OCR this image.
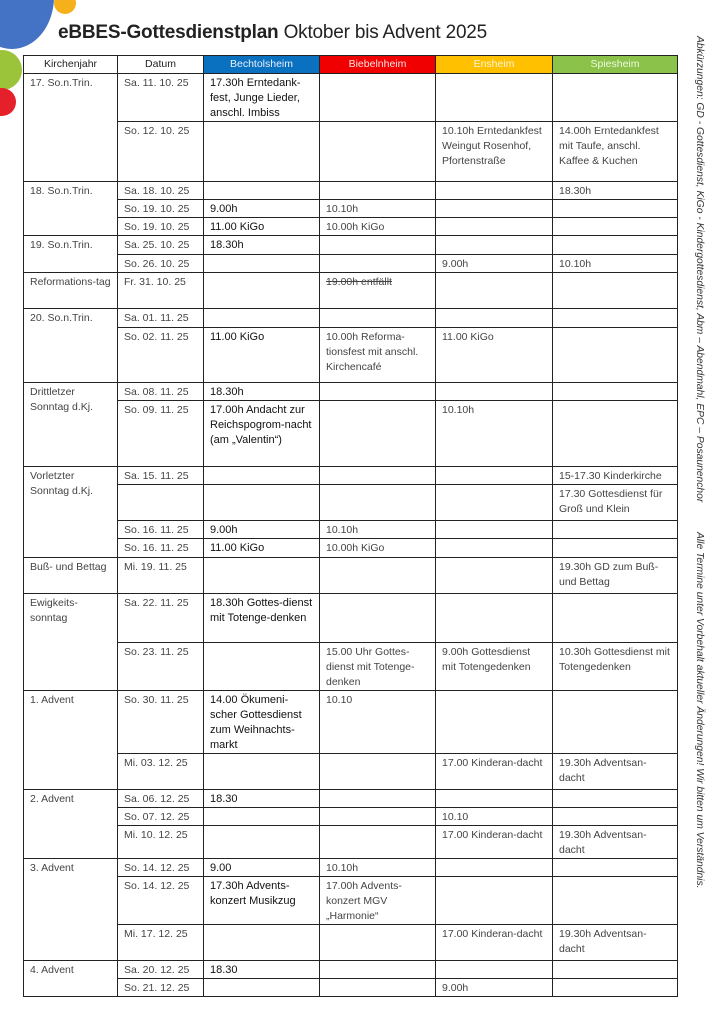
eBBES-Gottesdienstplan Oktober bis Advent 2025
Kirchenjahr	Datum	Bechtolsheim	Biebelnheim	Ensheim	Spiesheim
17. So.n.Trin.	Sa. 11. 10. 25	17.30h Erntedank-fest, Junge Lieder, anschl. Imbiss			
	So. 12. 10. 25			10.10h Erntedankfest Weingut Rosenhof, Pfortenstraße	14.00h Erntedankfest mit Taufe, anschl. Kaffee & Kuchen
18. So.n.Trin.	Sa. 18. 10. 25				18.30h
	So. 19. 10. 25	9.00h	10.10h		
	So. 19. 10. 25	11.00 KiGo	10.00h KiGo		
19. So.n.Trin.	Sa. 25. 10. 25	18.30h			
	So. 26. 10. 25			9.00h	10.10h
Reformations-tag	Fr. 31. 10. 25		19.00h entfällt		
20. So.n.Trin.	Sa. 01. 11. 25				
	So. 02. 11. 25	11.00 KiGo	10.00h Reforma-tionsfest mit anschl. Kirchencafé	11.00 KiGo	
Drittletzer Sonntag d.Kj.	Sa. 08. 11. 25	18.30h			
	So. 09. 11. 25	17.00h Andacht zur Reichspogrom-nacht (am „Valentin“)		10.10h	
Vorletzter Sonntag d.Kj.	Sa. 15. 11. 25				15-17.30 Kinderkirche
					17.30 Gottesdienst für Groß und Klein
	So. 16. 11. 25	9.00h	10.10h		
	So. 16. 11. 25	11.00 KiGo	10.00h KiGo		
Buß- und Bettag	Mi. 19. 11. 25				19.30h GD zum Buß- und Bettag
Ewigkeits-sonntag	Sa. 22. 11. 25	18.30h Gottes-dienst mit Totenge-denken			
	So. 23. 11. 25		15.00 Uhr Gottes-dienst mit Totenge-denken	9.00h Gottesdienst mit Totengedenken	10.30h Gottesdienst mit Totengedenken
1. Advent	So. 30. 11. 25	14.00 Ökumeni-scher Gottesdienst zum Weihnachts-markt	10.10		
	Mi. 03. 12. 25			17.00 Kinderan-dacht	19.30h Adventsan-dacht
2. Advent	Sa. 06. 12. 25	18.30			
	So. 07. 12. 25			10.10	
	Mi. 10. 12. 25			17.00 Kinderan-dacht	19.30h Adventsan-dacht
3. Advent	So. 14. 12. 25	9.00	10.10h		
	So. 14. 12. 25	17.30h Advents-konzert Musikzug	17.00h Advents-konzert MGV „Harmonie“		
	Mi. 17. 12. 25			17.00 Kinderan-dacht	19.30h Adventsan-dacht
4. Advent	Sa. 20. 12. 25	18.30			
	So. 21. 12. 25			9.00h	
Abkürzungen: GD - Gottesdienst, KiGo - Kindergottesdienst, Abm – Abendmahl, EPC – Posaunenchor
Alle Termine unter Vorbehalt aktueller Änderungen! Wir bitten um Verständnis.
